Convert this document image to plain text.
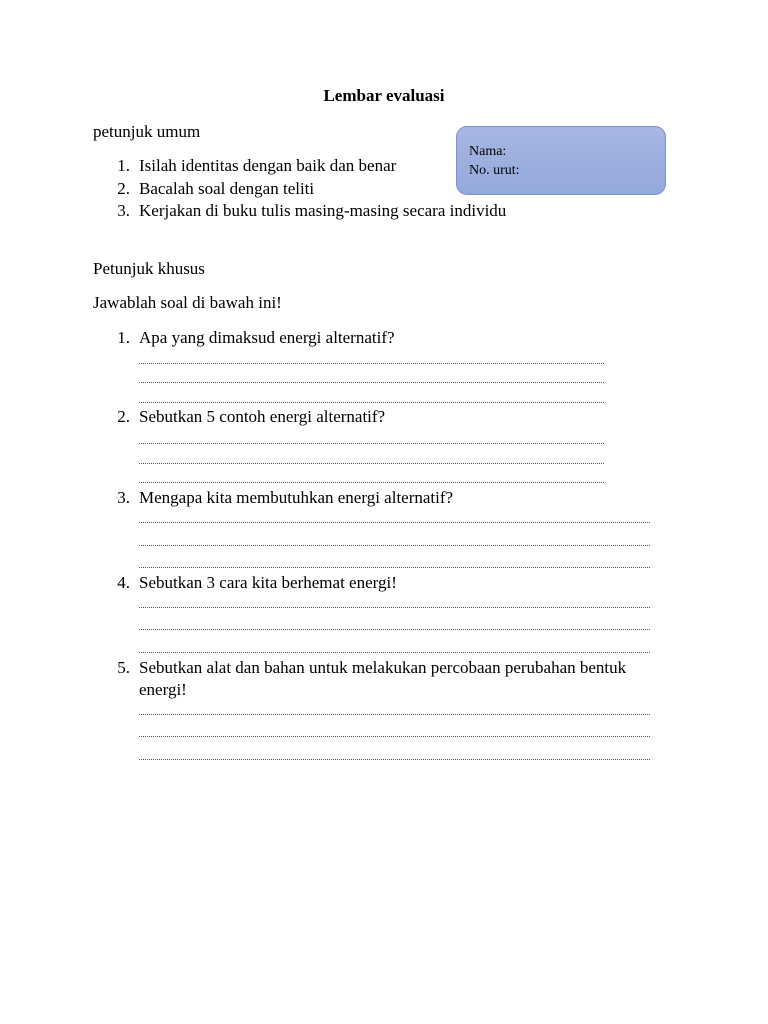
Lembar evaluasi
Nama:
No. urut:
petunjuk umum
1. Isilah identitas dengan baik dan benar
2. Bacalah soal dengan teliti
3. Kerjakan di buku tulis masing-masing secara individu
Petunjuk khusus
Jawablah soal di bawah ini!
1. Apa yang dimaksud energi alternatif?
2. Sebutkan 5 contoh energi alternatif?
3. Mengapa kita membutuhkan energi alternatif?
4. Sebutkan 3 cara kita berhemat energi!
5. Sebutkan alat dan bahan untuk melakukan percobaan perubahan bentuk
energi!
